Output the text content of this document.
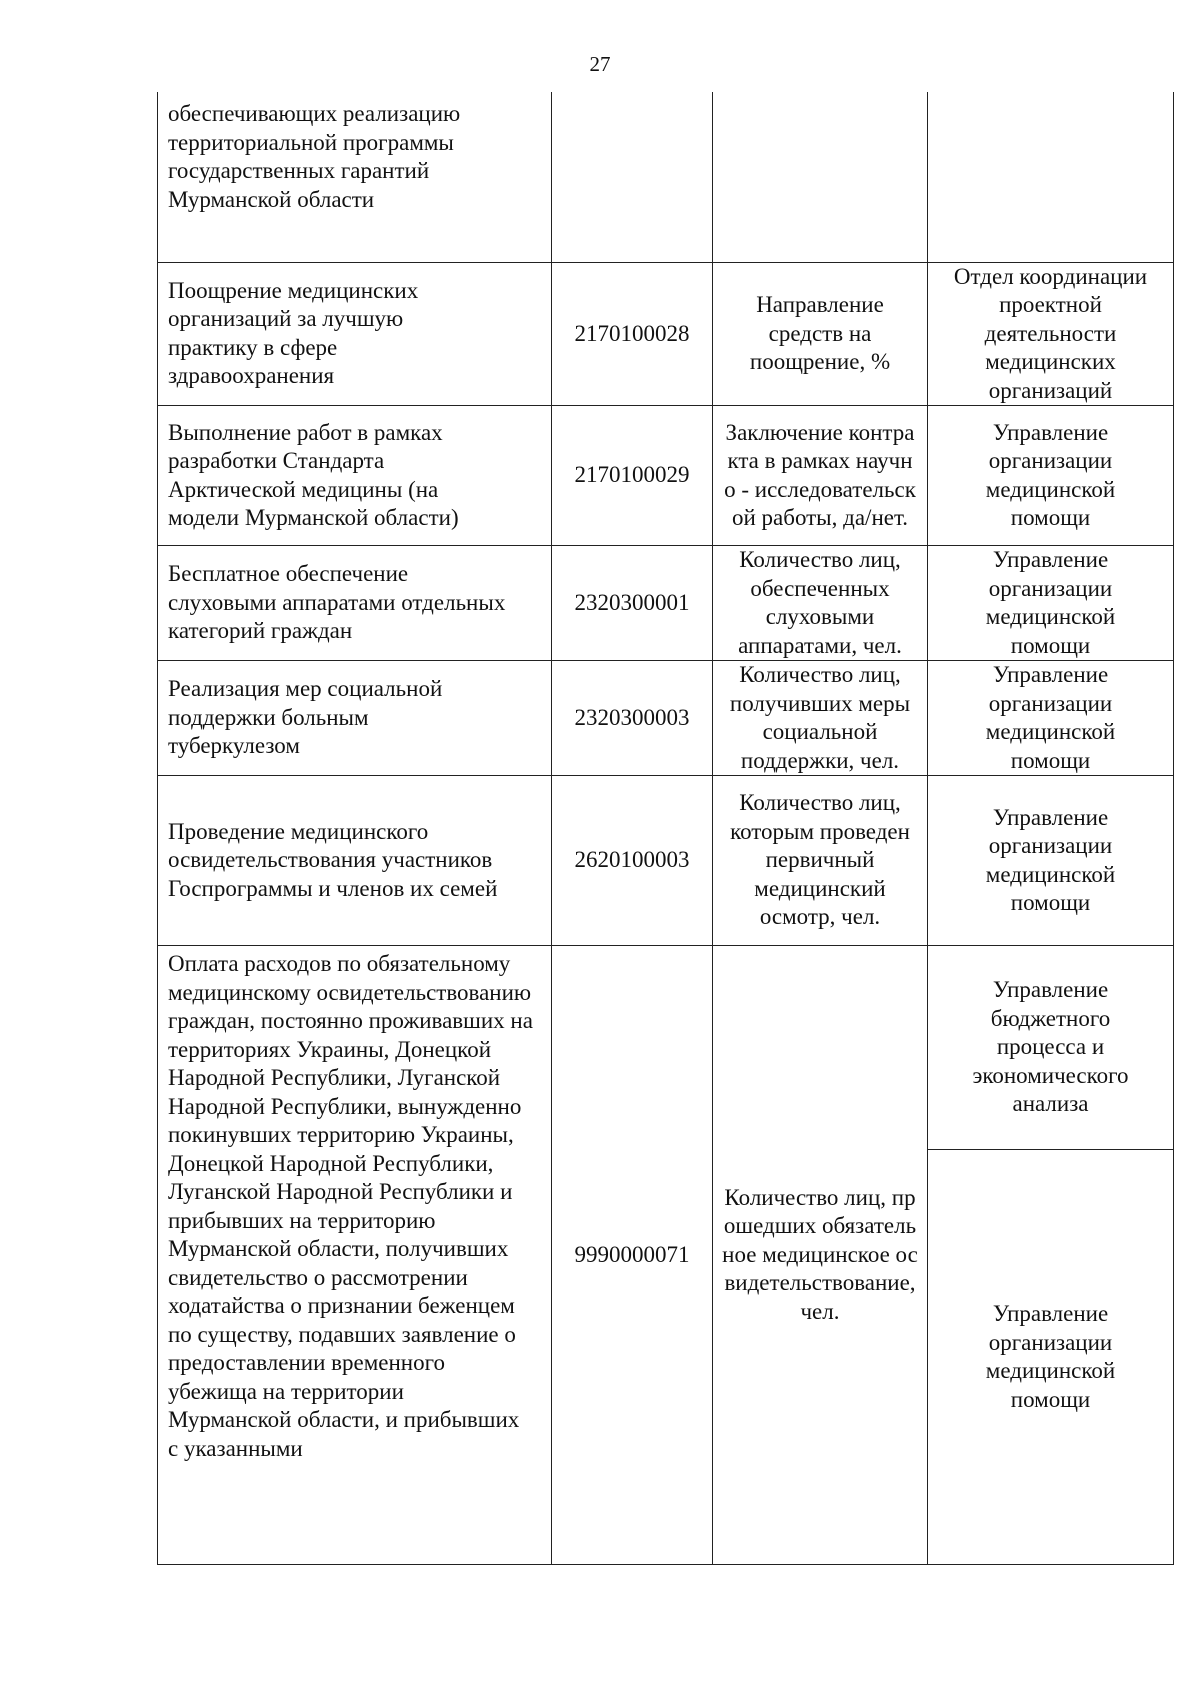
27
обеспечивающих реализацию территориальной программы государственных гарантий Мурманской области			

Поощрение медицинских организаций за лучшую практику в сфере здравоохранения	2170100028	Направление средств на поощрение, %	Отдел координации проектной деятельности медицинских организаций

Выполнение работ в рамках разработки Стандарта Арктической медицины (на модели Мурманской области)	2170100029	Заключение контракта в рамках научно - исследовательской работы, да/нет.	Управление организации медицинской помощи

Бесплатное обеспечение слуховыми аппаратами отдельных категорий граждан	2320300001	Количество лиц, обеспеченных слуховыми аппаратами, чел.	Управление организации медицинской помощи

Реализация мер социальной поддержки больным туберкулезом	2320300003	Количество лиц, получивших меры социальной поддержки, чел.	Управление организации медицинской помощи

Проведение медицинского освидетельствования участников Госпрограммы и членов их семей	2620100003	Количество лиц, которым проведен первичный медицинский осмотр, чел.	Управление организации медицинской помощи

Оплата расходов по обязательному медицинскому освидетельствованию граждан, постоянно проживавших на территориях Украины, Донецкой Народной Республики, Луганской Народной Республики, вынужденно покинувших территорию Украины, Донецкой Народной Республики, Луганской Народной Республики и прибывших на территорию Мурманской области, получивших свидетельство о рассмотрении ходатайства о признании беженцем по существу, подавших заявление о предоставлении временного убежища на территории Мурманской области, и прибывших с указанными	9990000071	Количество лиц, прошедших обязательное медицинское освидетельствование, чел.	Управление бюджетного процесса и экономического анализа

			Управление организации медицинской помощи
